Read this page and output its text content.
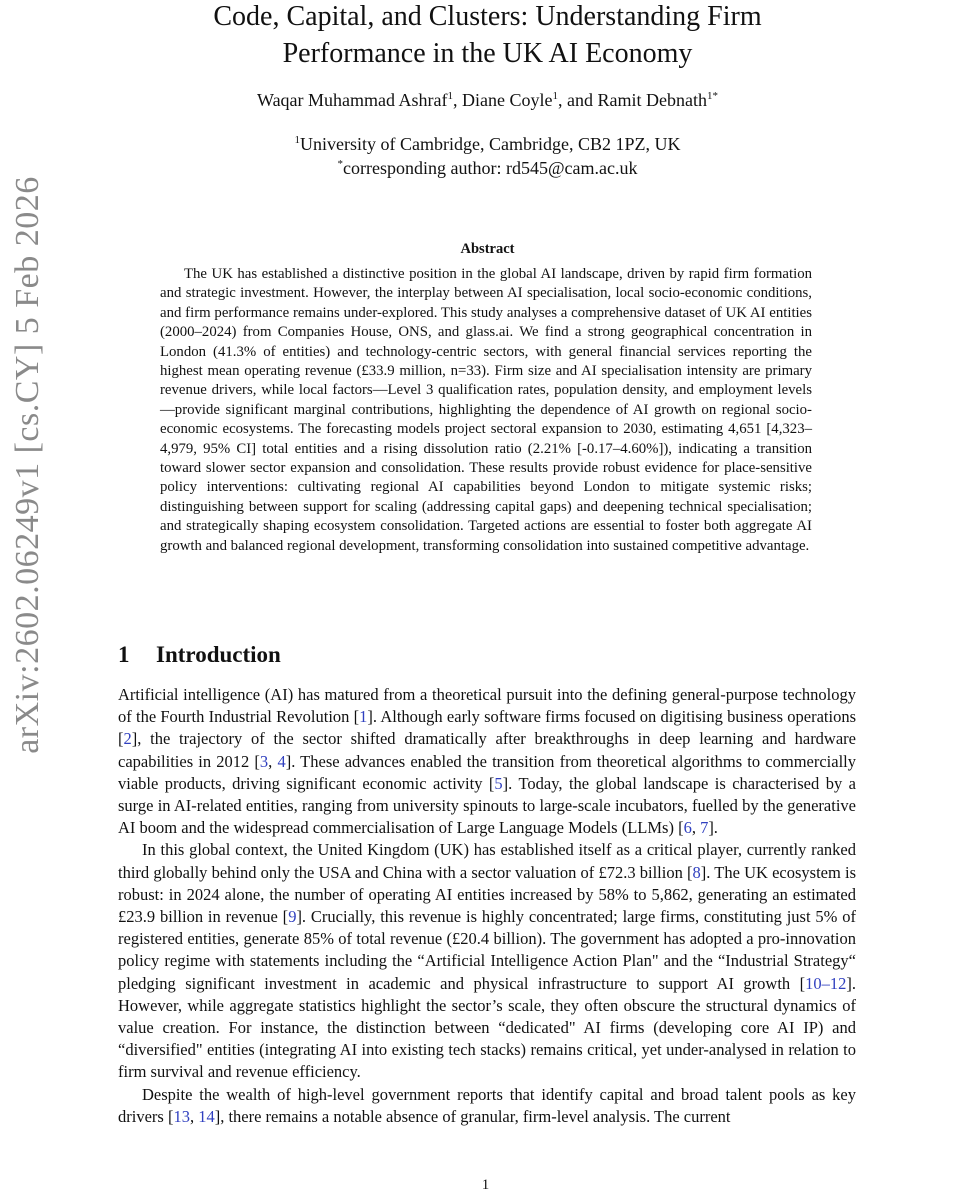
arXiv:2602.06249v1 [cs.CY] 5 Feb 2026
Code, Capital, and Clusters: Understanding Firm
Performance in the UK AI Economy
Waqar Muhammad Ashraf$^1$, Diane Coyle$^1$, and Ramit Debnath$^{1*}$
$^1$University of Cambridge, Cambridge, CB2 1PZ, UK
*corresponding author: rd545@cam.ac.uk
Abstract

The UK has established a distinctive position in the global AI landscape, driven by rapid firm formation and strategic investment. However, the interplay between AI specialisation, local socio-economic conditions, and firm performance remains under-explored. This study analyses a comprehensive dataset of UK AI entities (2000–2024) from Companies House, ONS, and glass.ai. We find a strong geographical concentration in London (41.3% of entities) and technology-centric sectors, with general financial services reporting the highest mean operating revenue (£33.9 million, n=33). Firm size and AI specialisation intensity are primary revenue drivers, while local factors—Level 3 qualification rates, population density, and employment levels—provide significant marginal contributions, highlighting the dependence of AI growth on regional socio-economic ecosystems. The forecasting models project sectoral expansion to 2030, estimating 4,651 [4,323–4,979, 95% CI] total entities and a rising dissolution ratio (2.21% [-0.17–4.60%]), indicating a transition toward slower sector expansion and consolidation. These results provide robust evidence for place-sensitive policy interventions: cultivating regional AI capabilities beyond London to mitigate systemic risks; distinguishing between support for scaling (addressing capital gaps) and deepening technical specialisation; and strategically shaping ecosystem consolidation. Targeted actions are essential to foster both aggregate AI growth and balanced regional development, transforming consolidation into sustained competitive advantage.

1 Introduction

Artificial intelligence (AI) has matured from a theoretical pursuit into the defining general-purpose technology of the Fourth Industrial Revolution [1]. Although early software firms focused on digitising business operations [2], the trajectory of the sector shifted dramatically after breakthroughs in deep learning and hardware capabilities in 2012 [3, 4]. These advances enabled the transition from theoretical algorithms to commercially viable products, driving significant economic activity [5]. Today, the global landscape is characterised by a surge in AI-related entities, ranging from university spinouts to large-scale incubators, fuelled by the generative AI boom and the widespread commercialisation of Large Language Models (LLMs) [6, 7].

In this global context, the United Kingdom (UK) has established itself as a critical player, currently ranked third globally behind only the USA and China with a sector valuation of £72.3 billion [8]. The UK ecosystem is robust: in 2024 alone, the number of operating AI entities increased by 58% to 5,862, generating an estimated £23.9 billion in revenue [9]. Crucially, this revenue is highly concentrated; large firms, constituting just 5% of registered entities, generate 85% of total revenue (£20.4 billion). The government has adopted a pro-innovation policy regime with statements including the “Artificial Intelligence Action Plan" and the “Industrial Strategy“ pledging significant investment in academic and physical infrastructure to support AI growth [10–12]. However, while aggregate statistics highlight the sector’s scale, they often obscure the structural dynamics of value creation. For instance, the distinction between “dedicated" AI firms (developing core AI IP) and “diversified" entities (integrating AI into existing tech stacks) remains critical, yet under-analysed in relation to firm survival and revenue efficiency.

Despite the wealth of high-level government reports that identify capital and broad talent pools as key drivers [13, 14], there remains a notable absence of granular, firm-level analysis. The current

1
